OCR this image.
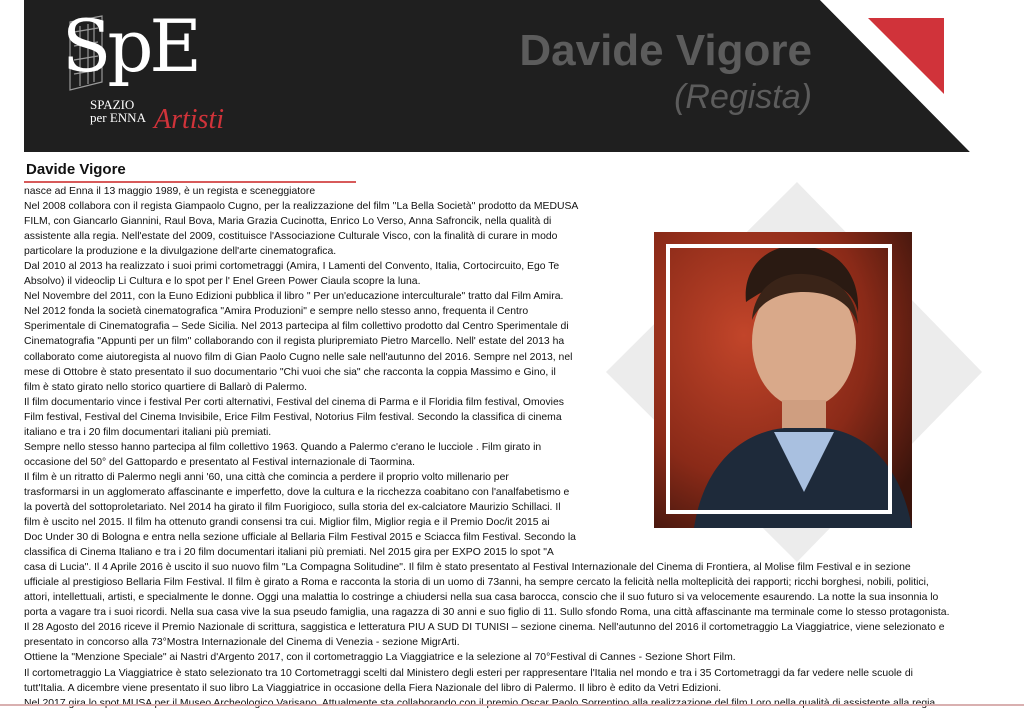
SpE
SPAZIO
per ENNA Artisti
Davide Vigore
(Regista)
Davide Vigore
nasce ad Enna il 13 maggio 1989, è un regista e sceneggiatore
Nel 2008 collabora con il regista Giampaolo Cugno, per la realizzazione del film ''La Bella Società'' prodotto da MEDUSA
FILM, con Giancarlo Giannini, Raul Bova, Maria Grazia Cucinotta, Enrico Lo Verso, Anna Safroncik, nella qualità di
assistente alla regia. Nell'estate del 2009, costituisce l'Associazione Culturale Visco, con la finalità di curare in modo
particolare la produzione e la divulgazione dell'arte cinematografica.
Dal 2010 al 2013 ha realizzato i suoi primi cortometraggi (Amira, I Lamenti del Convento, Italia, Cortocircuito, Ego Te
Absolvo) il videoclip Li Cultura e lo spot per l' Enel Green Power Ciaula scopre la luna.
Nel Novembre del 2011, con la Euno Edizioni pubblica il libro " Per un'educazione interculturale" tratto dal Film Amira.
Nel 2012 fonda la società cinematografica "Amira Produzioni" e sempre nello stesso anno, frequenta il Centro
Sperimentale di Cinematografia – Sede Sicilia. Nel 2013 partecipa al film collettivo prodotto dal Centro Sperimentale di
Cinematografia "Appunti per un film" collaborando con il regista pluripremiato Pietro Marcello. Nell' estate del 2013 ha
collaborato come aiutoregista al nuovo film di Gian Paolo Cugno nelle sale nell'autunno del 2016. Sempre nel 2013, nel
mese di Ottobre è stato presentato il suo documentario "Chi vuoi che sia" che racconta la coppia Massimo e Gino, il
film è stato girato nello storico quartiere di Ballarò di Palermo.
Il film documentario vince i festival Per corti alternativi, Festival del cinema di Parma e il Floridia film festival, Omovies
Film festival, Festival del Cinema Invisibile, Erice Film Festival, Notorius Film festival. Secondo la classifica di cinema
italiano e tra i 20 film documentari italiani più premiati.
Sempre nello stesso hanno partecipa al film collettivo 1963. Quando a Palermo c'erano le lucciole . Film girato in
occasione del 50° del Gattopardo e presentato al Festival internazionale di Taormina.
Il film è un ritratto di Palermo negli anni '60, una città che comincia a perdere il proprio volto millenario per
trasformarsi in un agglomerato affascinante e imperfetto, dove la cultura e la ricchezza coabitano con l'analfabetismo e
la povertà del sottoproletariato. Nel 2014 ha girato il film Fuorigioco, sulla storia del ex-calciatore Maurizio Schillaci. Il
film è uscito nel 2015. Il film ha ottenuto grandi consensi tra cui. Miglior film, Miglior regia e il Premio Doc/it 2015 ai
Doc Under 30 di Bologna e entra nella sezione ufficiale al Bellaria Film Festival 2015 e Sciacca film Festival. Secondo la
classifica di Cinema Italiano e tra i 20 film documentari italiani più premiati. Nel 2015 gira per EXPO 2015 lo spot "A
casa di Lucia". Il 4 Aprile 2016 è uscito il suo nuovo film "La Compagna Solitudine". Il film è stato presentato al Festival Internazionale del Cinema di Frontiera, al Molise film Festival e in sezione
ufficiale al prestigioso Bellaria Film Festival. Il film è girato a Roma e racconta la storia di un uomo di 73anni, ha sempre cercato la felicità nella molteplicità dei rapporti; ricchi borghesi, nobili, politici,
attori, intellettuali, artisti, e specialmente le donne. Oggi una malattia lo costringe a chiudersi nella sua casa barocca, conscio che il suo futuro si va velocemente esaurendo. La notte la sua insonnia lo
porta a vagare tra i suoi ricordi. Nella sua casa vive la sua pseudo famiglia, una ragazza di 30 anni e suo figlio di 11. Sullo sfondo Roma, una città affascinante ma terminale come lo stesso protagonista.
Il 28 Agosto del 2016 riceve il Premio Nazionale di scrittura, saggistica e letteratura PIU A SUD DI TUNISI – sezione cinema. Nell'autunno del 2016 il cortometraggio La Viaggiatrice, viene selezionato e
presentato in concorso alla 73°Mostra Internazionale del Cinema di Venezia - sezione MigrArti.
Ottiene la "Menzione Speciale" ai Nastri d'Argento 2017, con il cortometraggio La Viaggiatrice e la selezione al 70°Festival di Cannes - Sezione Short Film.
Il cortometraggio La Viaggiatrice è stato selezionato tra 10 Cortometraggi scelti dal Ministero degli esteri per rappresentare l'Italia nel mondo e tra i 35 Cortometraggi da far vedere nelle scuole di
tutt'Italia. A dicembre viene presentato il suo libro La Viaggiatrice in occasione della Fiera Nazionale del libro di Palermo. Il libro è edito da Vetri Edizioni.
